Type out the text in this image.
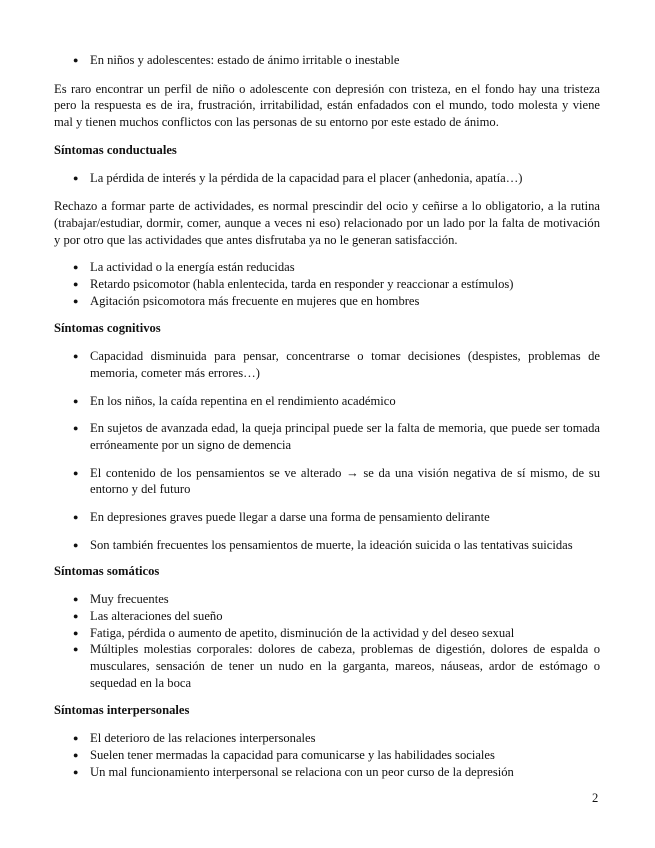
● En niños y adolescentes: estado de ánimo irritable o inestable

Es raro encontrar un perfil de niño o adolescente con depresión con tristeza, en el fondo hay una tristeza pero la respuesta es de ira, frustración, irritabilidad, están enfadados con el mundo, todo molesta y viene mal y tienen muchos conflictos con las personas de su entorno por este estado de ánimo.

Síntomas conductuales
● La pérdida de interés y la pérdida de la capacidad para el placer (anhedonia, apatía…)

Rechazo a formar parte de actividades, es normal prescindir del ocio y ceñirse a lo obligatorio, a la rutina (trabajar/estudiar, dormir, comer, aunque a veces ni eso) relacionado por un lado por la falta de motivación y por otro que las actividades que antes disfrutaba ya no le generan satisfacción.

● La actividad o la energía están reducidas
● Retardo psicomotor (habla enlentecida, tarda en responder y reaccionar a estímulos)
● Agitación psicomotora más frecuente en mujeres que en hombres
Síntomas cognitivos
● Capacidad disminuida para pensar, concentrarse o tomar decisiones (despistes, problemas de memoria, cometer más errores…)
● En los niños, la caída repentina en el rendimiento académico
● En sujetos de avanzada edad, la queja principal puede ser la falta de memoria, que puede ser tomada erróneamente por un signo de demencia
● El contenido de los pensamientos se ve alterado → se da una visión negativa de sí mismo, de su entorno y del futuro
● En depresiones graves puede llegar a darse una forma de pensamiento delirante
● Son también frecuentes los pensamientos de muerte, la ideación suicida o las tentativas suicidas
Síntomas somáticos
● Muy frecuentes
● Las alteraciones del sueño
● Fatiga, pérdida o aumento de apetito, disminución de la actividad y del deseo sexual
● Múltiples molestias corporales: dolores de cabeza, problemas de digestión, dolores de espalda o musculares, sensación de tener un nudo en la garganta, mareos, náuseas, ardor de estómago o sequedad en la boca
Síntomas interpersonales
● El deterioro de las relaciones interpersonales
● Suelen tener mermadas la capacidad para comunicarse y las habilidades sociales
● Un mal funcionamiento interpersonal se relaciona con un peor curso de la depresión
2
